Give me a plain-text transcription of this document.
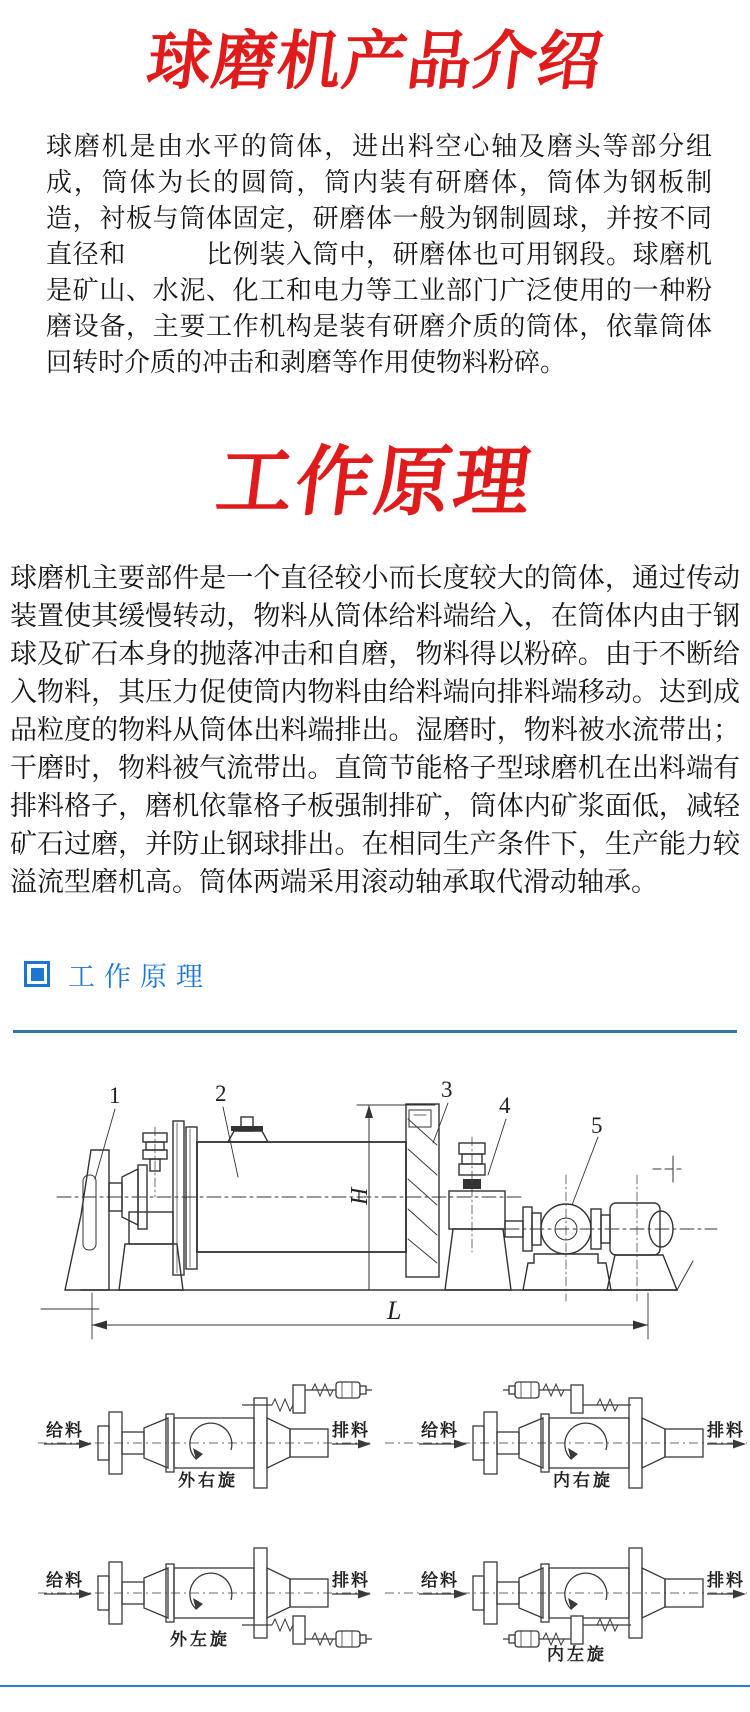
球磨机产品介绍

球磨机是由水平的筒体，进出料空心轴及磨头等部分组成，筒体为长的圆筒，筒内装有研磨体，筒体为钢板制造，衬板与筒体固定，研磨体一般为钢制圆球，并按不同直径和　　　比例装入筒中，研磨体也可用钢段。球磨机是矿山、水泥、化工和电力等工业部门广泛使用的一种粉磨设备，主要工作机构是装有研磨介质的筒体，依靠筒体回转时介质的冲击和剥磨等作用使物料粉碎。

工作原理

球磨机主要部件是一个直径较小而长度较大的筒体，通过传动装置使其缓慢转动，物料从筒体给料端给入，在筒体内由于钢球及矿石本身的抛落冲击和自磨，物料得以粉碎。由于不断给入物料，其压力促使筒内物料由给料端向排料端移动。达到成品粒度的物料从筒体出料端排出。湿磨时，物料被水流带出；干磨时，物料被气流带出。直筒节能格子型球磨机在出料端有排料格子，磨机依靠格子板强制排矿，筒体内矿浆面低，减轻矿石过磨，并防止钢球排出。在相同生产条件下，生产能力较溢流型磨机高。筒体两端采用滚动轴承取代滑动轴承。

工作原理
1	2	3
4
5
H
L
给料	排料
外右旋
给料	排料
内右旋
给料	排料
外左旋
给料	排料
内左旋
